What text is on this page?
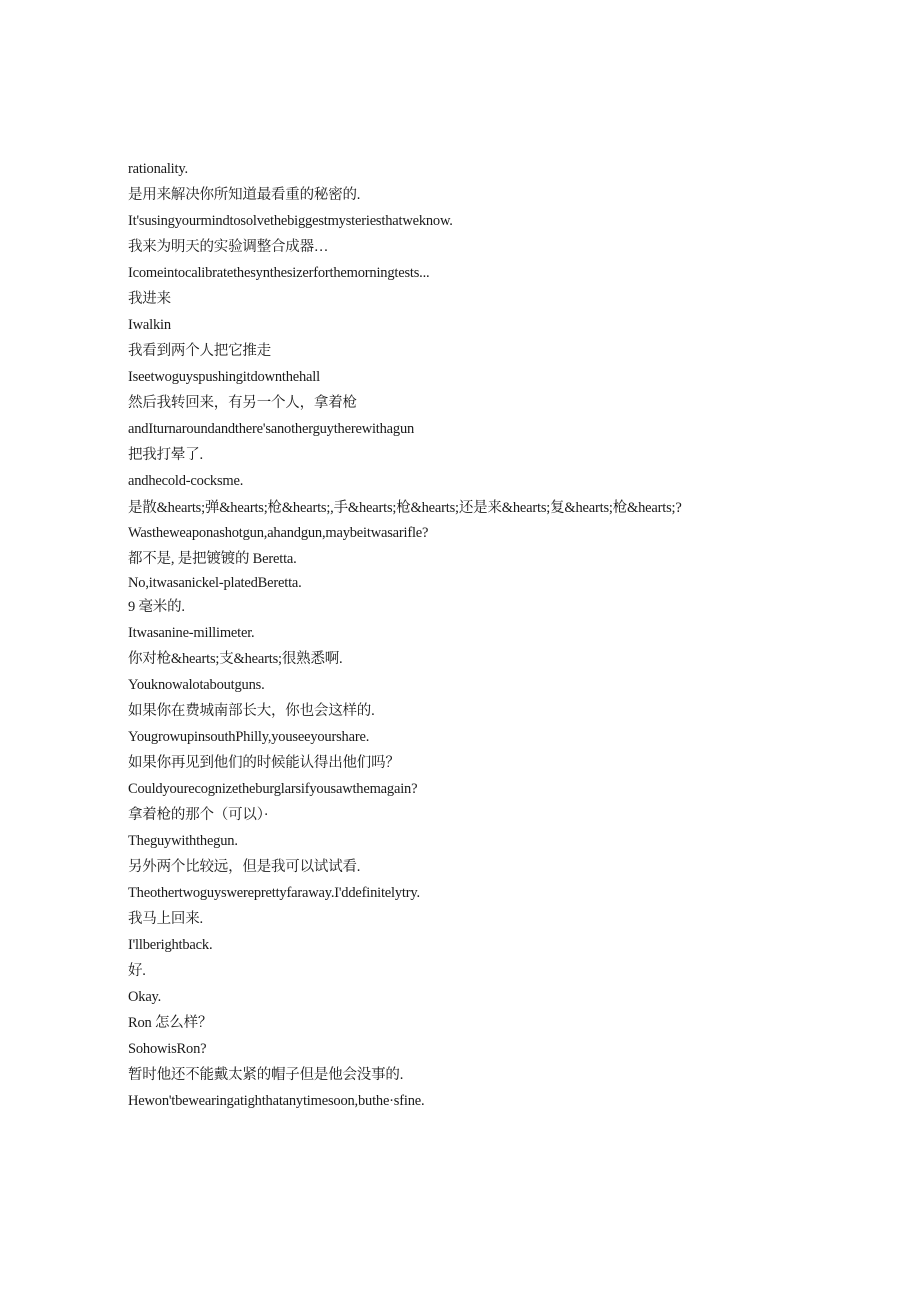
rationality.
是用来解决你所知道最看重的秘密的.
It'susingyourmindtosolvethebiggestmysteriesthatweknow.
我来为明天的实验调整合成器…
Icomeintocalibratethesynthesizerforthemorningtests...
我进来
Iwalkin
我看到两个人把它推走
Iseetwoguyspushingitdownthehall
然后我转回来，有另一个人，拿着枪
andIturnaroundandthere'sanotherguytherewithagun
把我打晕了.
andhecold-cocksme.
是散&hearts;弹&hearts;枪&hearts;,手&hearts;枪&hearts;还是来&hearts;复&hearts;枪&hearts;?
Wastheweaponashotgun,ahandgun,maybeitwasarifle?
都不是, 是把镀镀的 Beretta.
No,itwasanickel-platedBeretta.
9 毫米的.
Itwasanine-millimeter.
你对枪&hearts;支&hearts;很熟悉啊.
Youknowalotaboutguns.
如果你在费城南部长大，你也会这样的.
YougrowupinsouthPhilly,youseeyourshare.
如果你再见到他们的时候能认得出他们吗？
Couldyourecognizetheburglarsifyousawthemagain?
拿着枪的那个（可以）·
Theguywiththegun.
另外两个比较远，但是我可以试试看.
Theothertwoguyswereprettyfaraway.I'ddefinitelytry.
我马上回来.
I'llberightback.
好.
Okay.
Ron 怎么样？
SohowisRon?
暂时他还不能戴太紧的帽子但是他会没事的.
Hewon'tbewearingatighthatanytimesoon,buthe·sfine.
